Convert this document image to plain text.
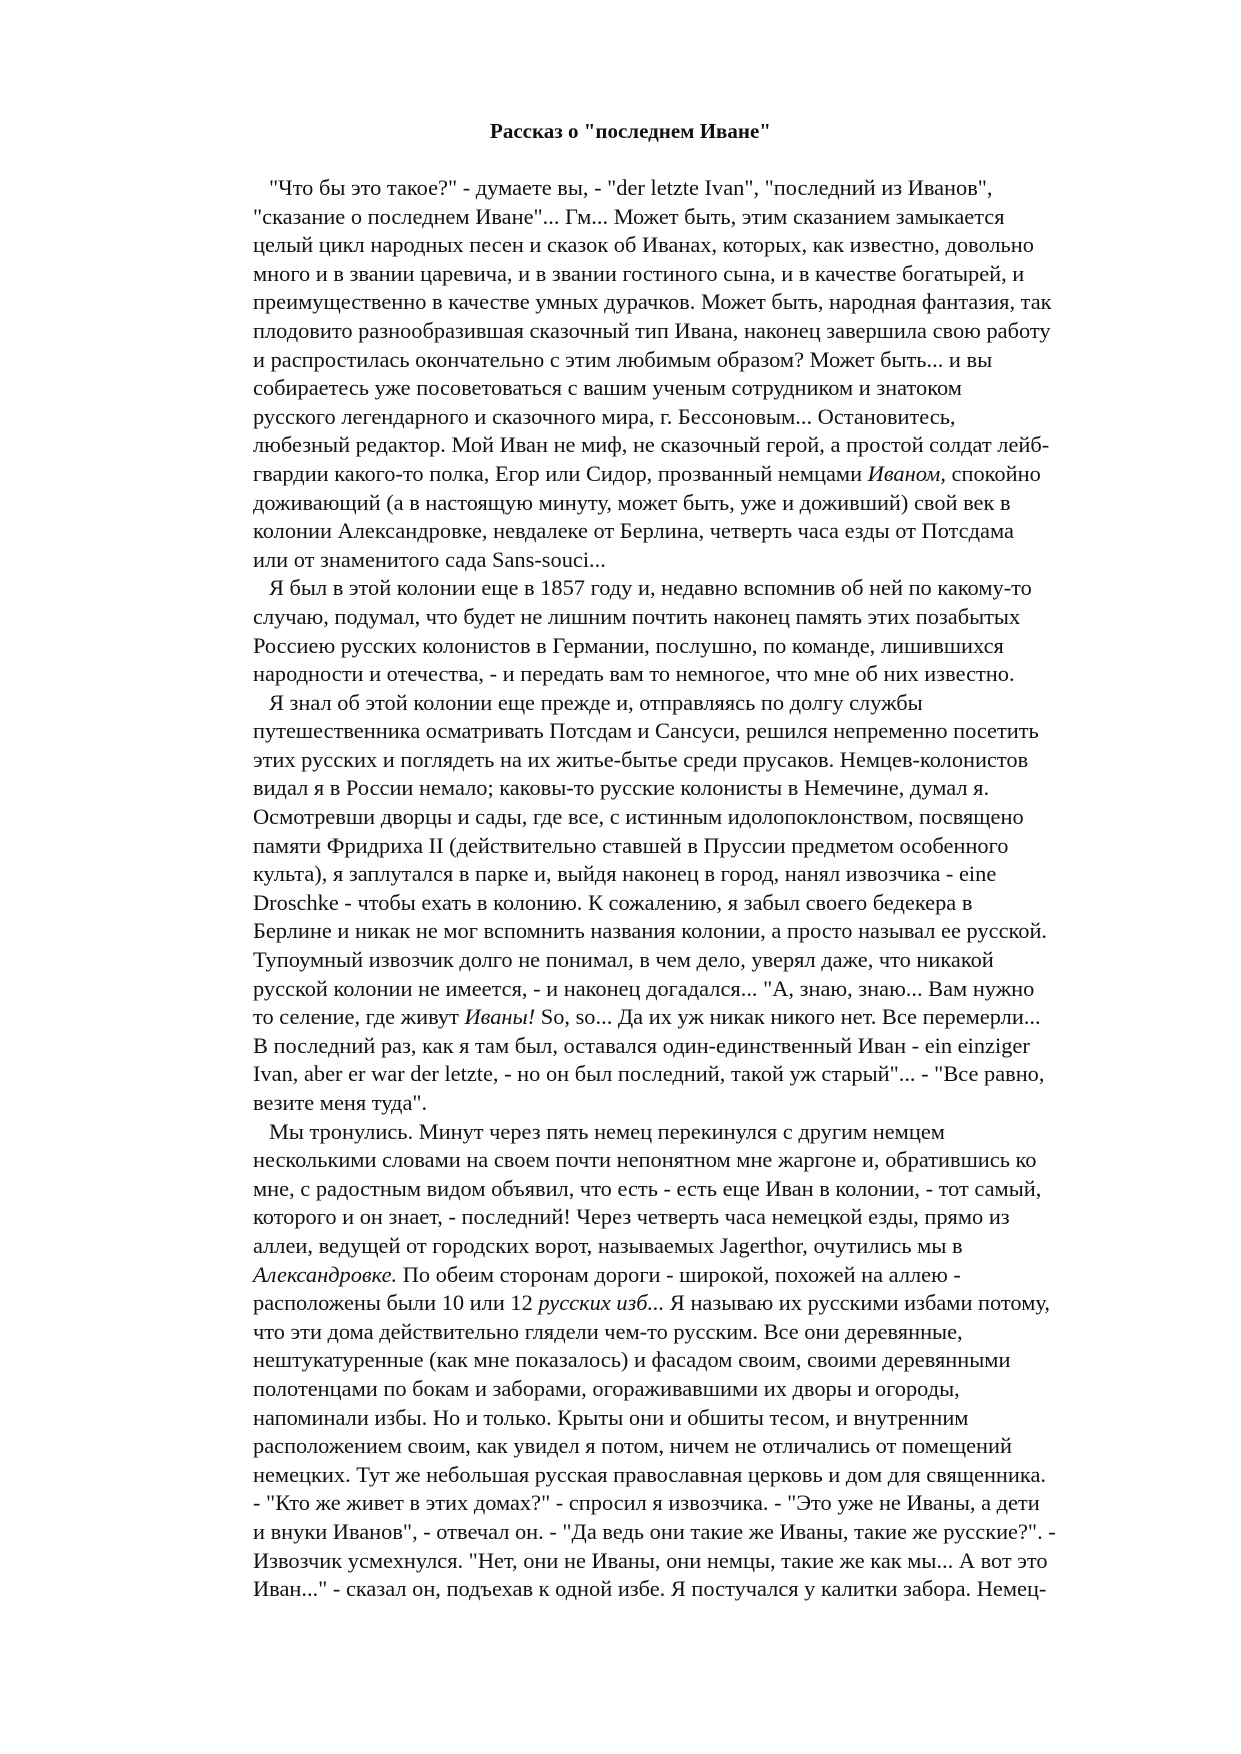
Рассказ о "последнем Иване"
"Что бы это такое?" - думаете вы, - "der letzte Ivan", "последний из Иванов",
"сказание о последнем Иване"... Гм... Может быть, этим сказанием замыкается
целый цикл народных песен и сказок об Иванах, которых, как известно, довольно
много и в звании царевича, и в звании гостиного сына, и в качестве богатырей, и
преимущественно в качестве умных дурачков. Может быть, народная фантазия, так
плодовито разнообразившая сказочный тип Ивана, наконец завершила свою работу
и распростилась окончательно с этим любимым образом? Может быть... и вы
собираетесь уже посоветоваться с вашим ученым сотрудником и знатоком
русского легендарного и сказочного мира, г. Бессоновым... Остановитесь,
любезный редактор. Мой Иван не миф, не сказочный герой, а простой солдат лейб-
гвардии какого-то полка, Егор или Сидор, прозванный немцами Иваном, спокойно
доживающий (а в настоящую минуту, может быть, уже и доживший) свой век в
колонии Александровке, невдалеке от Берлина, четверть часа езды от Потсдама
или от знаменитого сада Sans-souci...
Я был в этой колонии еще в 1857 году и, недавно вспомнив об ней по какому-то
случаю, подумал, что будет не лишним почтить наконец память этих позабытых
Россиею русских колонистов в Германии, послушно, по команде, лишившихся
народности и отечества, - и передать вам то немногое, что мне об них известно.
Я знал об этой колонии еще прежде и, отправляясь по долгу службы
путешественника осматривать Потсдам и Сансуси, решился непременно посетить
этих русских и поглядеть на их житье-бытье среди прусаков. Немцев-колонистов
видал я в России немало; каковы-то русские колонисты в Немечине, думал я.
Осмотревши дворцы и сады, где все, с истинным идолопоклонством, посвящено
памяти Фридриха II (действительно ставшей в Пруссии предметом особенного
культа), я заплутался в парке и, выйдя наконец в город, нанял извозчика - eine
Droschke - чтобы ехать в колонию. К сожалению, я забыл своего бедекера в
Берлине и никак не мог вспомнить названия колонии, а просто называл ее русской.
Тупоумный извозчик долго не понимал, в чем дело, уверял даже, что никакой
русской колонии не имеется, - и наконец догадался... "А, знаю, знаю... Вам нужно
то селение, где живут Иваны! So, so... Да их уж никак никого нет. Все перемерли...
В последний раз, как я там был, оставался один-единственный Иван - ein einziger
Ivan, aber er war der letzte, - но он был последний, такой уж старый"... - "Все равно,
везите меня туда".
Мы тронулись. Минут через пять немец перекинулся с другим немцем
несколькими словами на своем почти непонятном мне жаргоне и, обратившись ко
мне, с радостным видом объявил, что есть - есть еще Иван в колонии, - тот самый,
которого и он знает, - последний! Через четверть часа немецкой езды, прямо из
аллеи, ведущей от городских ворот, называемых Jagerthor, очутились мы в
Александровке. По обеим сторонам дороги - широкой, похожей на аллею -
расположены были 10 или 12 русских изб... Я называю их русскими избами потому,
что эти дома действительно глядели чем-то русским. Все они деревянные,
нештукатуренные (как мне показалось) и фасадом своим, своими деревянными
полотенцами по бокам и заборами, огораживавшими их дворы и огороды,
напоминали избы. Но и только. Крыты они и обшиты тесом, и внутренним
расположением своим, как увидел я потом, ничем не отличались от помещений
немецких. Тут же небольшая русская православная церковь и дом для священника.
- "Кто же живет в этих домах?" - спросил я извозчика. - "Это уже не Иваны, а дети
и внуки Иванов", - отвечал он. - "Да ведь они такие же Иваны, такие же русские?". -
Извозчик усмехнулся. "Нет, они не Иваны, они немцы, такие же как мы... А вот это
Иван..." - сказал он, подъехав к одной избе. Я постучался у калитки забора. Немец-
